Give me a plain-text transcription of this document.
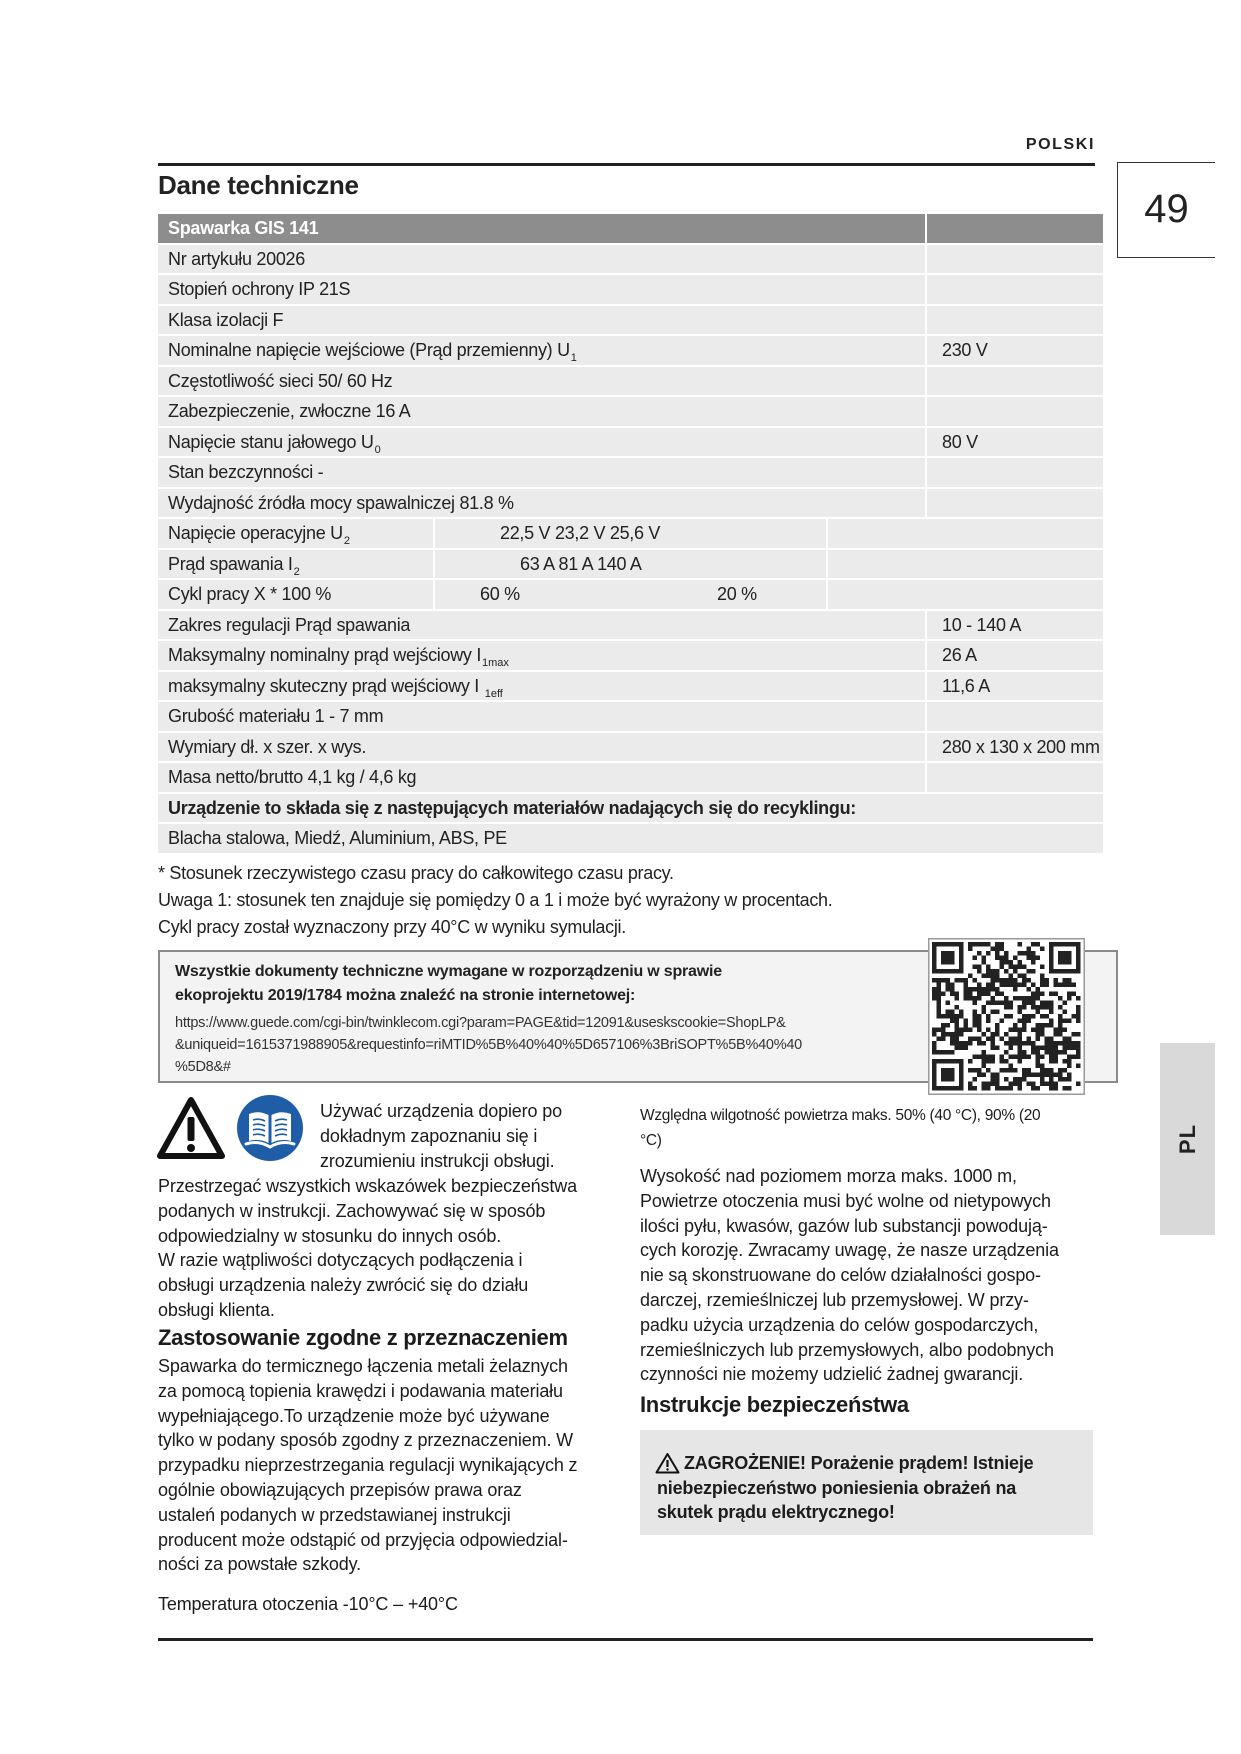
POLSKI
49
PL
Dane techniczne
Spawarka GIS 141
Nr artykułu 20026
Stopień ochrony IP 21S
Klasa izolacji F
Nominalne napięcie wejściowe (Prąd przemienny) $U_1$	230 V
Częstotliwość sieci 50/ 60 Hz
Zabezpieczenie, zwłoczne 16 A
Napięcie stanu jałowego $U_0$	80 V
Stan bezczynności -
Wydajność źródła mocy spawalniczej 81.8 %
Napięcie operacyjne $U_2$	22,5 V 23,2 V 25,6 V
Prąd spawania $I_2$	63 A 81 A 140 A
Cykl pracy X * 100 %	60 %	20 %
Zakres regulacji Prąd spawania	10 - 140 A
Maksymalny nominalny prąd wejściowy $I_{1max}$	26 A
maksymalny skuteczny prąd wejściowy I $_{1eff}$	11,6 A
Grubość materiału 1 - 7 mm
Wymiary dł. x szer. x wys.	280 x 130 x 200 mm
Masa netto/brutto 4,1 kg / 4,6 kg
Urządzenie to składa się z następujących materiałów nadających się do recyklingu:
Blacha stalowa, Miedź, Aluminium, ABS, PE
* Stosunek rzeczywistego czasu pracy do całkowitego czasu pracy.
Uwaga 1: stosunek ten znajduje się pomiędzy 0 a 1 i może być wyrażony w procentach.
Cykl pracy został wyznaczony przy 40°C w wyniku symulacji.
Wszystkie dokumenty techniczne wymagane w rozporządzeniu w sprawie
ekoprojektu 2019/1784 można znaleźć na stronie internetowej:
https://www.guede.com/cgi-bin/twinklecom.cgi?param=PAGE&tid=12091&useskscookie=ShopLP&
&uniqueid=1615371988905&requestinfo=riMTID%5B%40%40%5D657106%3BriSOPT%5B%40%40
%5D8&#
Używać urządzenia dopiero po
dokładnym zapoznaniu się i
zrozumieniu instrukcji obsługi.
Przestrzegać wszystkich wskazówek bezpieczeństwa
podanych w instrukcji. Zachowywać się w sposób
odpowiedzialny w stosunku do innych osób.
W razie wątpliwości dotyczących podłączenia i
obsługi urządzenia należy zwrócić się do działu
obsługi klienta.
Zastosowanie zgodne z przeznaczeniem
Spawarka do termicznego łączenia metali żelaznych
za pomocą topienia krawędzi i podawania materiału
wypełniającego.To urządzenie może być używane
tylko w podany sposób zgodny z przeznaczeniem. W
przypadku nieprzestrzegania regulacji wynikających z
ogólnie obowiązujących przepisów prawa oraz
ustaleń podanych w przedstawianej instrukcji
producent może odstąpić od przyjęcia odpowiedzial-
ności za powstałe szkody.
Temperatura otoczenia -10°C – +40°C
Względna wilgotność powietrza maks. 50% (40 °C), 90% (20
°C)
Wysokość nad poziomem morza maks. 1000 m,
Powietrze otoczenia musi być wolne od nietypowych
ilości pyłu, kwasów, gazów lub substancji powodują-
cych korozję. Zwracamy uwagę, że nasze urządzenia
nie są skonstruowane do celów działalności gospo-
darczej, rzemieślniczej lub przemysłowej. W przy-
padku użycia urządzenia do celów gospodarczych,
rzemieślniczych lub przemysłowych, albo podobnych
czynności nie możemy udzielić żadnej gwarancji.
Instrukcje bezpieczeństwa
ZAGROŻENIE! Porażenie prądem! Istnieje
niebezpieczeństwo poniesienia obrażeń na
skutek prądu elektrycznego!
